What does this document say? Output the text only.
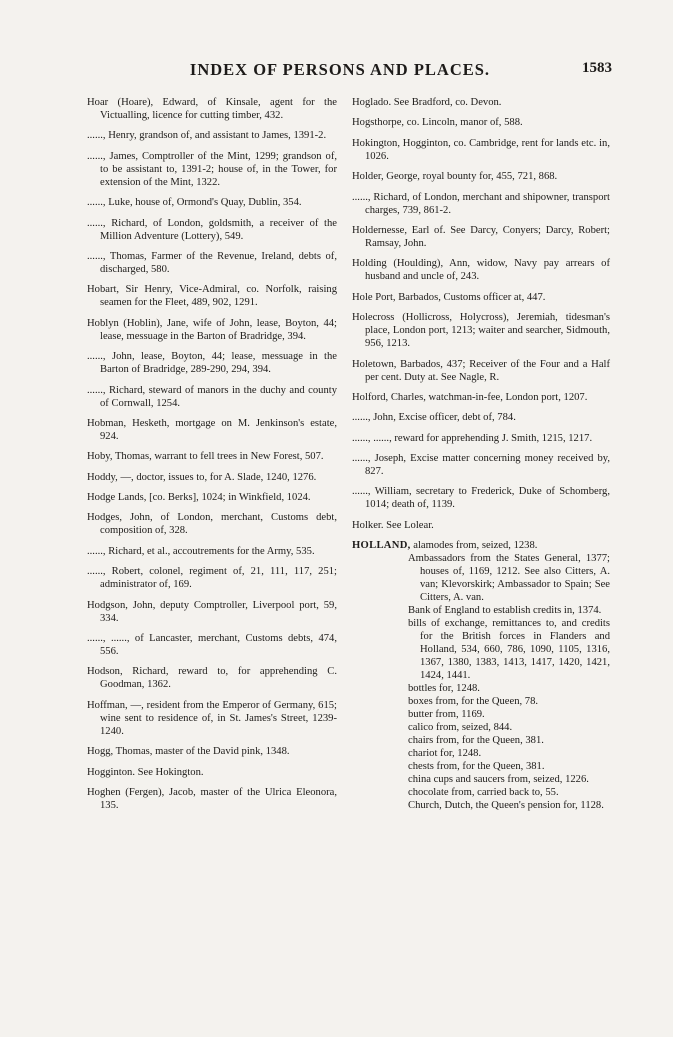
INDEX OF PERSONS AND PLACES.	1583

Hoar (Hoare), Edward, of Kinsale, agent for the Victualling, licence for cutting timber, 432.

......, Henry, grandson of, and assistant to James, 1391-2.

......, James, Comptroller of the Mint, 1299; grandson of, to be assistant to, 1391-2; house of, in the Tower, for extension of the Mint, 1322.

......, Luke, house of, Ormond's Quay, Dublin, 354.

......, Richard, of London, goldsmith, a receiver of the Million Adventure (Lottery), 549.

......, Thomas, Farmer of the Revenue, Ireland, debts of, discharged, 580.

Hobart, Sir Henry, Vice-Admiral, co. Norfolk, raising seamen for the Fleet, 489, 902, 1291.

Hoblyn (Hoblin), Jane, wife of John, lease, Boyton, 44; lease, messuage in the Barton of Bradridge, 394.

......, John, lease, Boyton, 44; lease, messuage in the Barton of Bradridge, 289-290, 294, 394.

......, Richard, steward of manors in the duchy and county of Cornwall, 1254.

Hobman, Hesketh, mortgage on M. Jenkinson's estate, 924.

Hoby, Thomas, warrant to fell trees in New Forest, 507.

Hoddy, —, doctor, issues to, for A. Slade, 1240, 1276.

Hodge Lands, [co. Berks], 1024; in Winkfield, 1024.

Hodges, John, of London, merchant, Customs debt, composition of, 328.

......, Richard, et al., accoutrements for the Army, 535.

......, Robert, colonel, regiment of, 21, 111, 117, 251; administrator of, 169.

Hodgson, John, deputy Comptroller, Liverpool port, 59, 334.

......, ......, of Lancaster, merchant, Customs debts, 474, 556.

Hodson, Richard, reward to, for apprehending C. Goodman, 1362.

Hoffman, —, resident from the Emperor of Germany, 615; wine sent to residence of, in St. James's Street, 1239-1240.

Hogg, Thomas, master of the David pink, 1348.

Hogginton. See Hokington.

Hoghen (Fergen), Jacob, master of the Ulrica Eleonora, 135.

Hoglado. See Bradford, co. Devon.

Hogsthorpe, co. Lincoln, manor of, 588.

Hokington, Hogginton, co. Cambridge, rent for lands etc. in, 1026.

Holder, George, royal bounty for, 455, 721, 868.

......, Richard, of London, merchant and shipowner, transport charges, 739, 861-2.

Holdernesse, Earl of. See Darcy, Conyers; Darcy, Robert; Ramsay, John.

Holding (Houlding), Ann, widow, Navy pay arrears of husband and uncle of, 243.

Hole Port, Barbados, Customs officer at, 447.

Holecross (Hollicross, Holycross), Jeremiah, tidesman's place, London port, 1213; waiter and searcher, Sidmouth, 956, 1213.

Holetown, Barbados, 437; Receiver of the Four and a Half per cent. Duty at. See Nagle, R.

Holford, Charles, watchman-in-fee, London port, 1207.

......, John, Excise officer, debt of, 784.

......, ......, reward for apprehending J. Smith, 1215, 1217.

......, Joseph, Excise matter concerning money received by, 827.

......, William, secretary to Frederick, Duke of Schomberg, 1014; death of, 1139.

Holker. See Lolear.

HOLLAND, alamodes from, seized, 1238.

Ambassadors from the States General, 1377; houses of, 1169, 1212. See also Citters, A. van; Klevorskirk; Ambassador to Spain; See Citters, A. van.

Bank of England to establish credits in, 1374.

bills of exchange, remittances to, and credits for the British forces in Flanders and Holland, 534, 660, 786, 1090, 1105, 1316, 1367, 1380, 1383, 1413, 1417, 1420, 1421, 1424, 1441.

bottles for, 1248.

boxes from, for the Queen, 78.

butter from, 1169.

calico from, seized, 844.

chairs from, for the Queen, 381.

chariot for, 1248.

chests from, for the Queen, 381.

china cups and saucers from, seized, 1226.

chocolate from, carried back to, 55.

Church, Dutch, the Queen's pension for, 1128.
